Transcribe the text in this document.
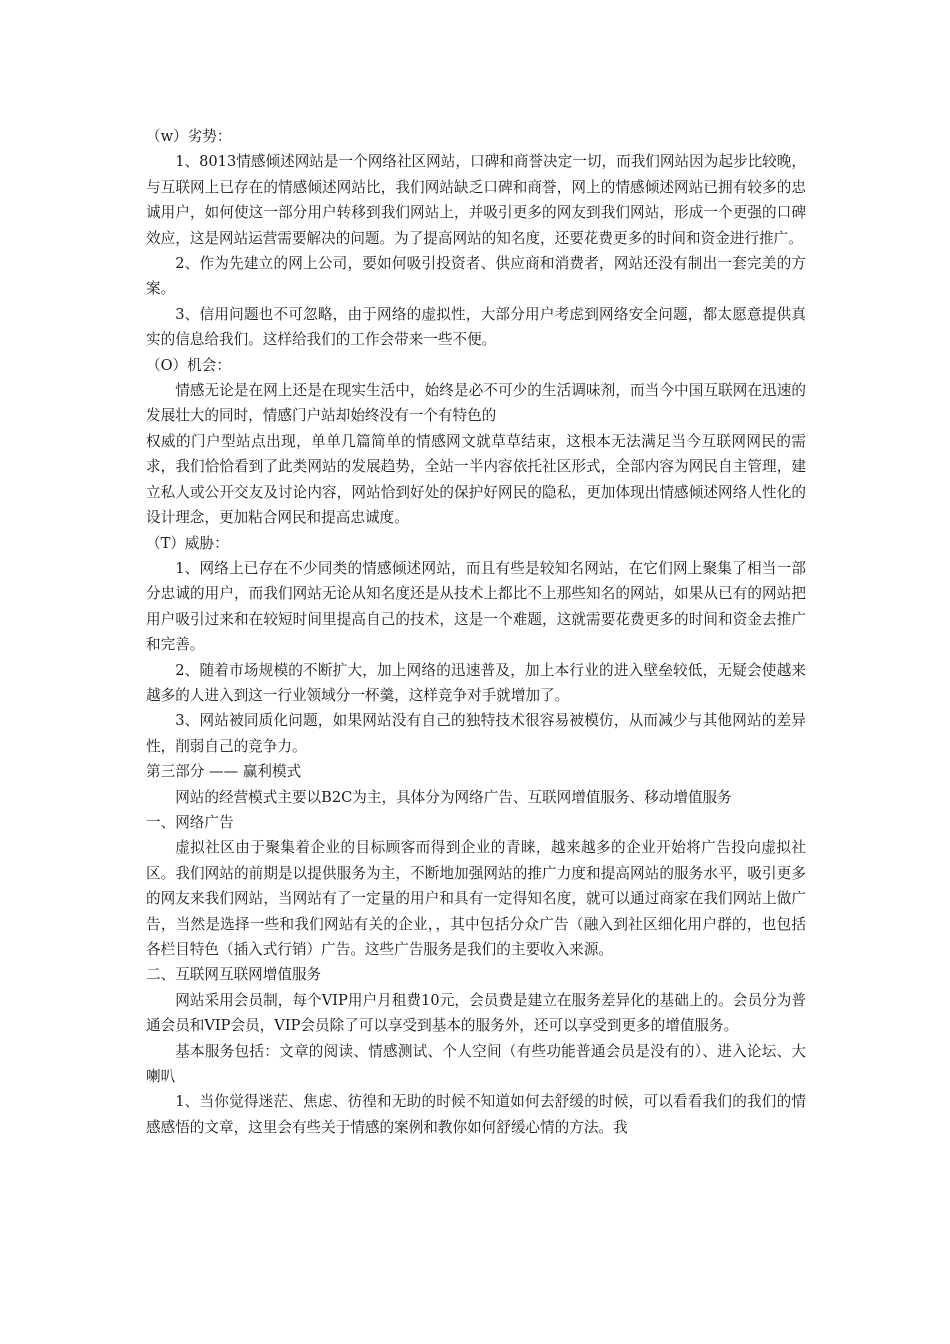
（w）劣势：

1、8013情感倾述网站是一个网络社区网站，口碑和商誉决定一切，而我们网站因为起步比较晚，与互联网上已存在的情感倾述网站比，我们网站缺乏口碑和商誉，网上的情感倾述网站已拥有较多的忠诚用户，如何使这一部分用户转移到我们网站上，并吸引更多的网友到我们网站，形成一个更强的口碑效应，这是网站运营需要解决的问题。为了提高网站的知名度，还要花费更多的时间和资金进行推广。

2、作为先建立的网上公司，要如何吸引投资者、供应商和消费者，网站还没有制出一套完美的方案。

3、信用问题也不可忽略，由于网络的虚拟性，大部分用户考虑到网络安全问题，都太愿意提供真实的信息给我们。这样给我们的工作会带来一些不便。

（O）机会：

情感无论是在网上还是在现实生活中，始终是必不可少的生活调味剂，而当今中国互联网在迅速的发展壮大的同时，情感门户站却始终没有一个有特色的

权威的门户型站点出现，单单几篇简单的情感网文就草草结束，这根本无法满足当今互联网网民的需求，我们恰恰看到了此类网站的发展趋势，全站一半内容依托社区形式，全部内容为网民自主管理，建立私人或公开交友及讨论内容，网站恰到好处的保护好网民的隐私，更加体现出情感倾述网络人性化的设计理念，更加粘合网民和提高忠诚度。

（T）威胁：

1、网络上已存在不少同类的情感倾述网站，而且有些是较知名网站，在它们网上聚集了相当一部分忠诚的用户，而我们网站无论从知名度还是从技术上都比不上那些知名的网站，如果从已有的网站把用户吸引过来和在较短时间里提高自己的技术，这是一个难题，这就需要花费更多的时间和资金去推广和完善。

2、随着市场规模的不断扩大，加上网络的迅速普及，加上本行业的进入壁垒较低，无疑会使越来越多的人进入到这一行业领域分一杯羹，这样竞争对手就增加了。

3、网站被同质化问题，如果网站没有自己的独特技术很容易被模仿，从而减少与其他网站的差异性，削弱自己的竞争力。

第三部分 —— 赢利模式

网站的经营模式主要以B2C为主，具体分为网络广告、互联网增值服务、移动增值服务

一、网络广告

虚拟社区由于聚集着企业的目标顾客而得到企业的青睐，越来越多的企业开始将广告投向虚拟社区。我们网站的前期是以提供服务为主，不断地加强网站的推广力度和提高网站的服务水平，吸引更多的网友来我们网站，当网站有了一定量的用户和具有一定得知名度，就可以通过商家在我们网站上做广告，当然是选择一些和我们网站有关的企业，，其中包括分众广告（融入到社区细化用户群的，也包括各栏目特色（插入式行销）广告。这些广告服务是我们的主要收入来源。

二、互联网互联网增值服务

网站采用会员制，每个VIP用户月租费10元，会员费是建立在服务差异化的基础上的。会员分为普通会员和VIP会员，VIP会员除了可以享受到基本的服务外，还可以享受到更多的增值服务。

基本服务包括：文章的阅读、情感测试、个人空间（有些功能普通会员是没有的）、进入论坛、大喇叭

1、当你觉得迷茫、焦虑、彷徨和无助的时候不知道如何去舒缓的时候，可以看看我们的我们的情感感悟的文章，这里会有些关于情感的案例和教你如何舒缓心情的方法。我
